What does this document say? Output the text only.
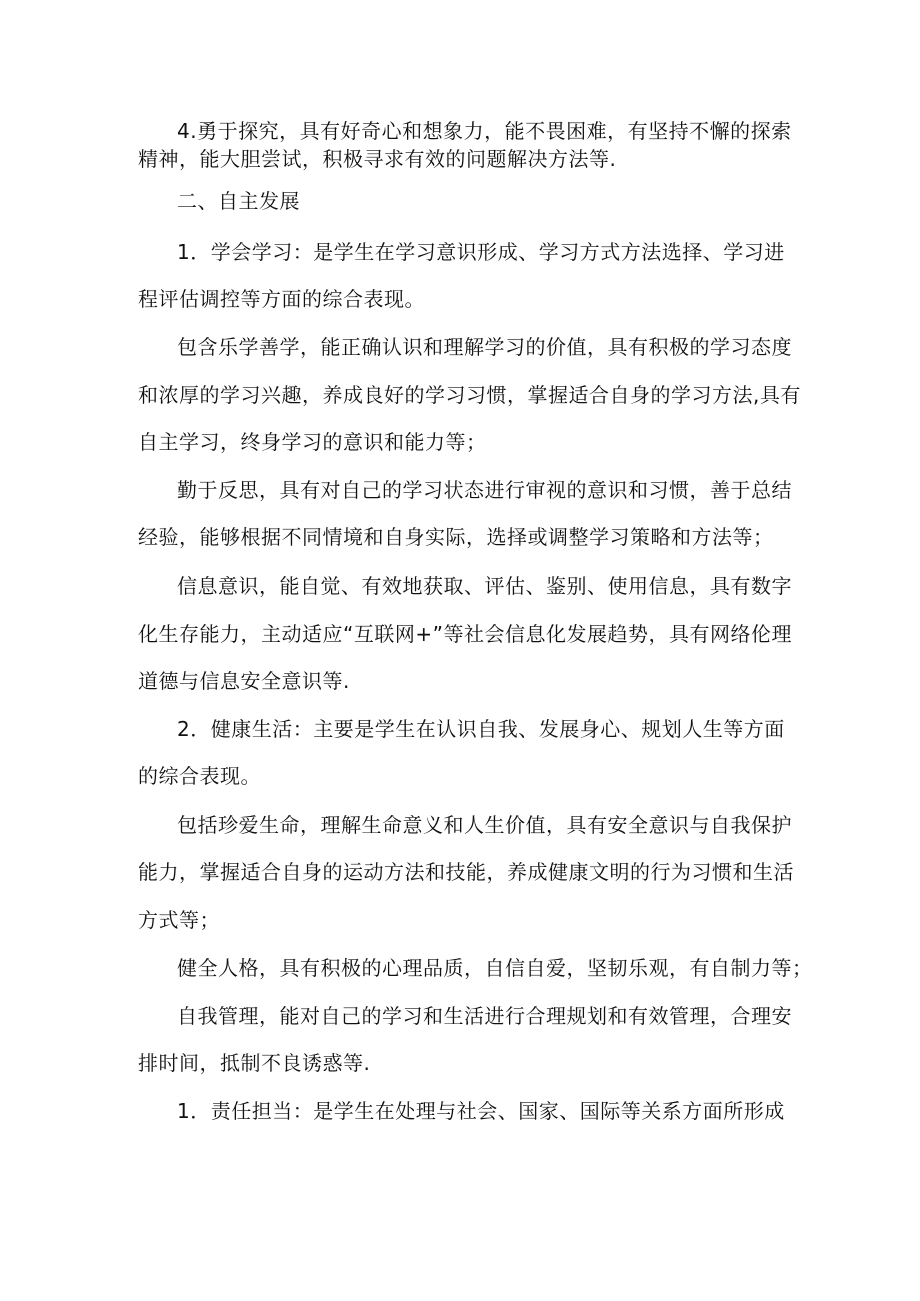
4.勇于探究，具有好奇心和想象力，能不畏困难，有坚持不懈的探索
精神，能大胆尝试，积极寻求有效的问题解决方法等.
二、自主发展
1．学会学习：是学生在学习意识形成、学习方式方法选择、学习进
程评估调控等方面的综合表现。
包含乐学善学，能正确认识和理解学习的价值，具有积极的学习态度
和浓厚的学习兴趣，养成良好的学习习惯，掌握适合自身的学习方法,具有
自主学习，终身学习的意识和能力等；
勤于反思，具有对自己的学习状态进行审视的意识和习惯，善于总结
经验，能够根据不同情境和自身实际，选择或调整学习策略和方法等；
信息意识，能自觉、有效地获取、评估、鉴别、使用信息，具有数字
化生存能力，主动适应“互联网+”等社会信息化发展趋势，具有网络伦理
道德与信息安全意识等.
2．健康生活：主要是学生在认识自我、发展身心、规划人生等方面
的综合表现。
包括珍爱生命，理解生命意义和人生价值，具有安全意识与自我保护
能力，掌握适合自身的运动方法和技能，养成健康文明的行为习惯和生活
方式等；
健全人格，具有积极的心理品质，自信自爱，坚韧乐观，有自制力等；
自我管理，能对自己的学习和生活进行合理规划和有效管理，合理安
排时间，抵制不良诱惑等.
1．责任担当：是学生在处理与社会、国家、国际等关系方面所形成
